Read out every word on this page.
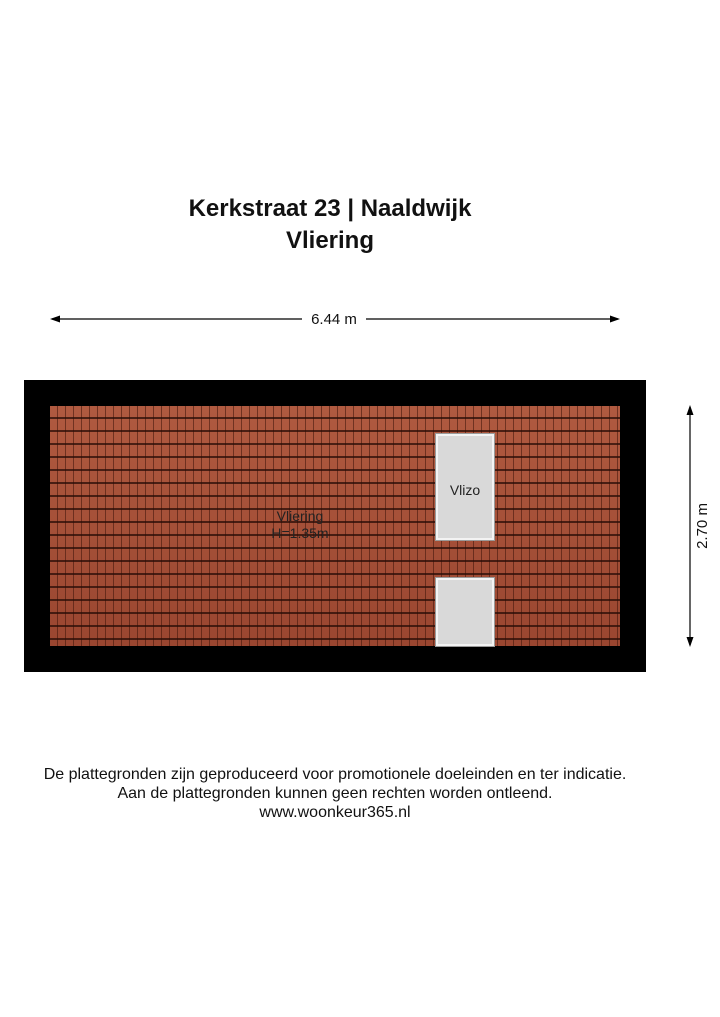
Kerkstraat 23 | Naaldwijk
Vliering
6.44 m
2.70 m
Vliering
H=1.35m
Vlizo
De plattegronden zijn geproduceerd voor promotionele doeleinden en ter indicatie.
Aan de plattegronden kunnen geen rechten worden ontleend.
www.woonkeur365.nl
